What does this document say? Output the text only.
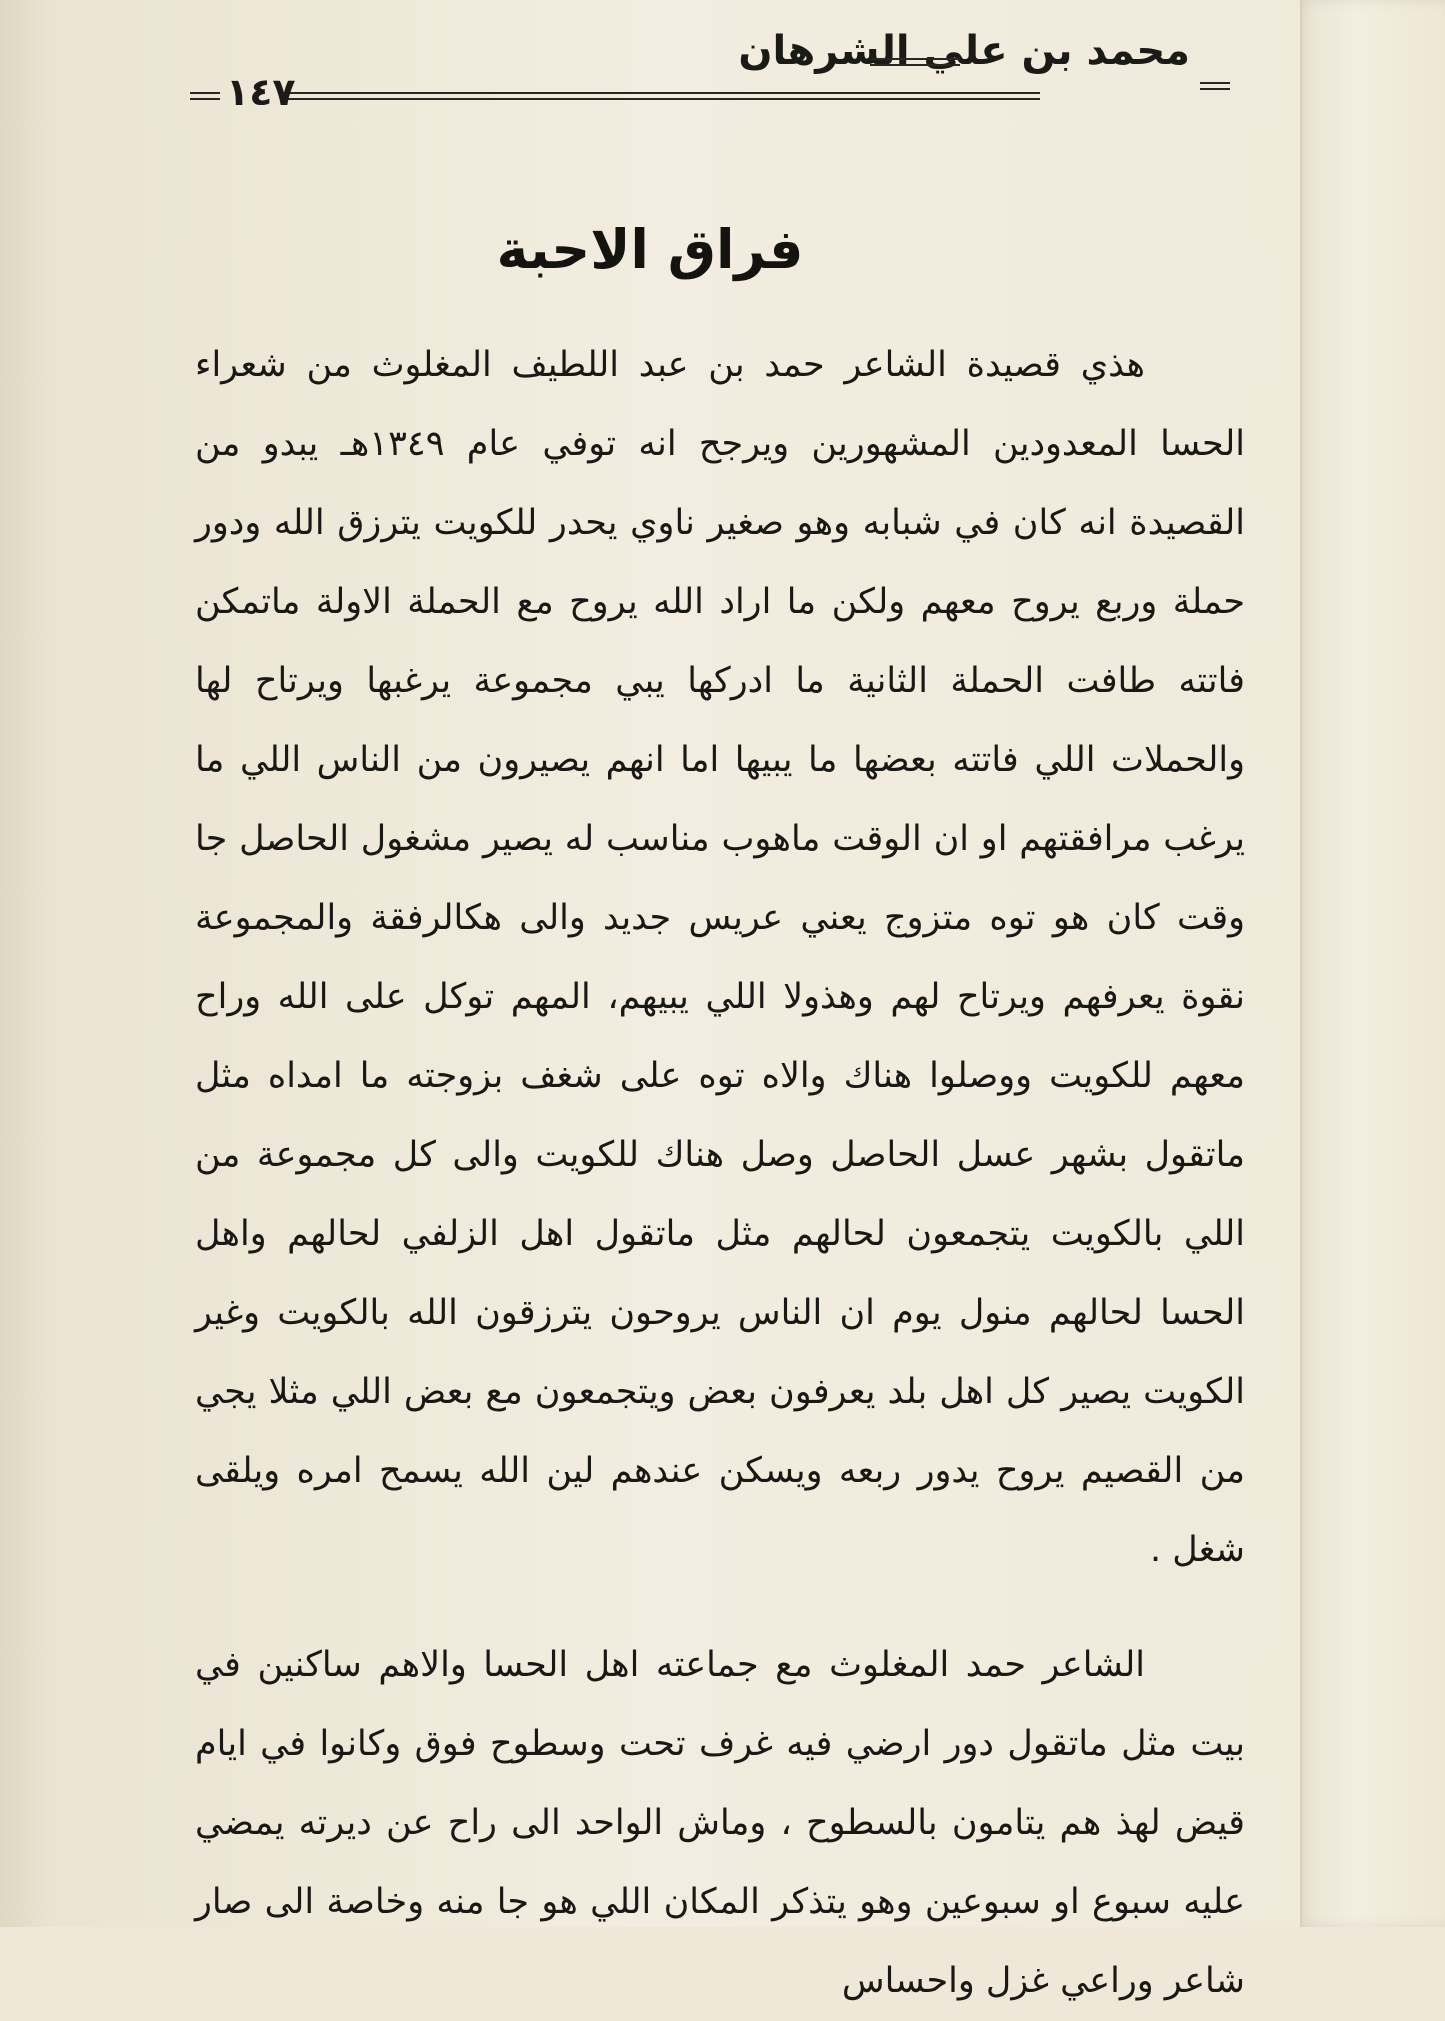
محمد بن علي الشرهان
١٤٧
فراق الاحبة

هذي قصيدة الشاعر حمد بن عبد اللطيف المغلوث من شعراء الحسا المعدودين المشهورين ويرجح انه توفي عام ١٣٤٩هـ يبدو من القصيدة انه كان في شبابه وهو صغير ناوي يحدر للكويت يترزق الله ودور حملة وربع يروح معهم ولكن ما اراد الله يروح مع الحملة الاولة ماتمكن فاتته طافت الحملة الثانية ما ادركها يبي مجموعة يرغبها ويرتاح لها والحملات اللي فاتته بعضها ما يبيها اما انهم يصيرون من الناس اللي ما يرغب مرافقتهم او ان الوقت ماهوب مناسب له يصير مشغول الحاصل جا وقت كان هو توه متزوج يعني عريس جديد والى هكالرفقة والمجموعة نقوة يعرفهم ويرتاح لهم وهذولا اللي يبيهم، المهم توكل على الله وراح معهم للكويت ووصلوا هناك والاه توه على شغف بزوجته ما امداه مثل ماتقول بشهر عسل الحاصل وصل هناك للكويت والى كل مجموعة من اللي بالكويت يتجمعون لحالهم مثل ماتقول اهل الزلفي لحالهم واهل الحسا لحالهم منول يوم ان الناس يروحون يترزقون الله بالكويت وغير الكويت يصير كل اهل بلد يعرفون بعض ويتجمعون مع بعض اللي مثلا يجي من القصيم يروح يدور ربعه ويسكن عندهم لين الله يسمح امره ويلقى شغل .

الشاعر حمد المغلوث مع جماعته اهل الحسا والاهم ساكنين في بيت مثل ماتقول دور ارضي فيه غرف تحت وسطوح فوق وكانوا في ايام قيض لهذ هم يتامون بالسطوح ، وماش الواحد الى راح عن ديرته يمضي عليه سبوع او سبوعين وهو يتذكر المكان اللي هو جا منه وخاصة الى صار شاعر وراعي غزل واحساس
